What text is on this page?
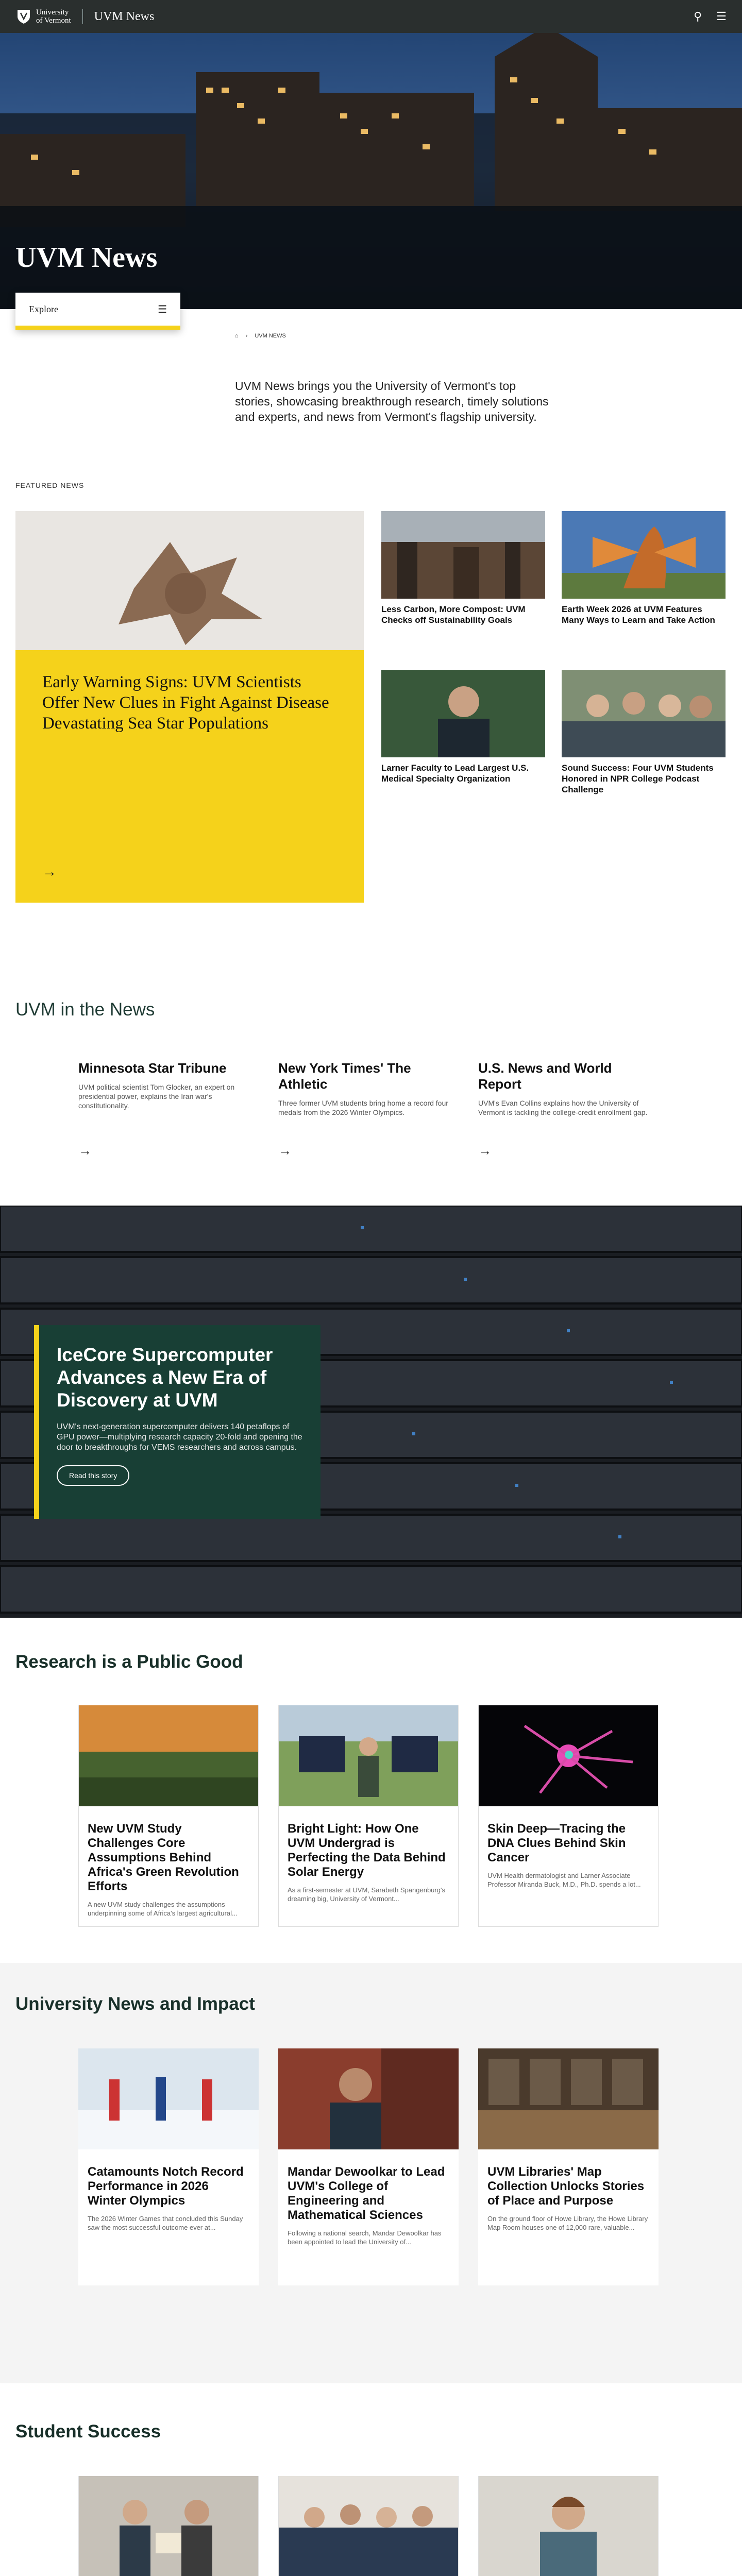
University
of Vermont UVM News	⚲ ☰
UVM News
Explore	☰
⌂ › UVM NEWS

UVM News brings you the University of Vermont's top stories, showcasing breakthrough research, timely solutions and experts, and news from Vermont's flagship university.

FEATURED NEWS
Early Warning Signs: UVM Scientists Offer New Clues in Fight Against Disease Devastating Sea Star Populations
→

Less Carbon, More Compost: UVM Checks off Sustainability Goals

Earth Week 2026 at UVM Features Many Ways to Learn and Take Action

Larner Faculty to Lead Largest U.S. Medical Specialty Organization

Sound Success: Four UVM Students Honored in NPR College Podcast Challenge

UVM in the News
Minnesota Star Tribune

UVM political scientist Tom Glocker, an expert on presidential power, explains the Iran war's constitutionality.

→
New York Times' The Athletic

Three former UVM students bring home a record four medals from the 2026 Winter Olympics.

→
U.S. News and World Report

UVM's Evan Collins explains how the University of Vermont is tackling the college-credit enrollment gap.

→
IceCore Supercomputer Advances a New Era of Discovery at UVM

UVM's next-generation supercomputer delivers 140 petaflops of GPU power—multiplying research capacity 20-fold and opening the door to breakthroughs for VEMS researchers and across campus.

Read this story
Research is a Public Good
New UVM Study Challenges Core Assumptions Behind Africa's Green Revolution Efforts

A new UVM study challenges the assumptions underpinning some of Africa's largest agricultural...

Bright Light: How One UVM Undergrad is Perfecting the Data Behind Solar Energy

As a first-semester at UVM, Sarabeth Spangenburg's dreaming big, University of Vermont...

Skin Deep—Tracing the DNA Clues Behind Skin Cancer

UVM Health dermatologist and Larner Associate Professor Miranda Buck, M.D., Ph.D. spends a lot...

University News and Impact
Catamounts Notch Record Performance in 2026 Winter Olympics

The 2026 Winter Games that concluded this Sunday saw the most successful outcome ever at...

Mandar Dewoolkar to Lead UVM's College of Engineering and Mathematical Sciences

Following a national search, Mandar Dewoolkar has been appointed to lead the University of...

UVM Libraries' Map Collection Unlocks Stories of Place and Purpose

On the ground floor of Howe Library, the Howe Library Map Room houses one of 12,000 rare, valuable...

Student Success
